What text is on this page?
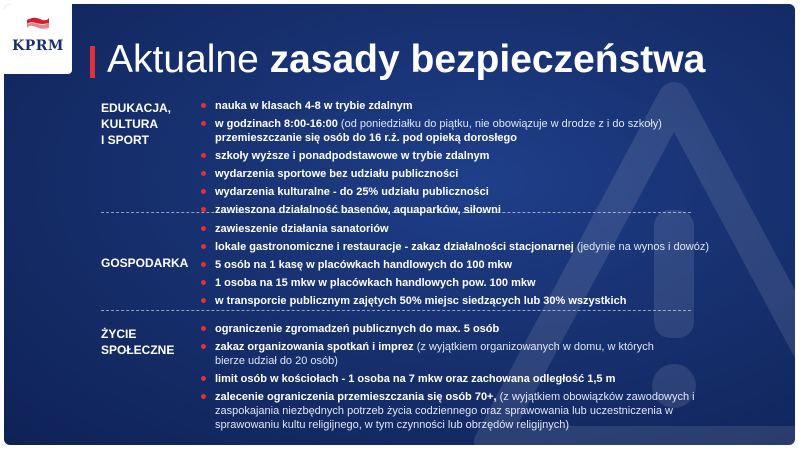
KPRM Aktualne zasady bezpieczeństwa
EDUKACJA,
KULTURA
I SPORT
nauka w klasach 4-8 w trybie zdalnym
w godzinach 8:00-16:00 (od poniedziałku do piątku, nie obowiązuje w drodze z i do szkoły) przemieszczanie się osób do 16 r.ż. pod opieką dorosłego
szkoły wyższe i ponadpodstawowe w trybie zdalnym
wydarzenia sportowe bez udziału publiczności
wydarzenia kulturalne - do 25% udziału publiczności
zawieszona działalność basenów, aquaparków, siłowni
GOSPODARKA
zawieszenie działania sanatoriów
lokale gastronomiczne i restauracje - zakaz działalności stacjonarnej (jedynie na wynos i dowóz)
5 osób na 1 kasę w placówkach handlowych do 100 mkw
1 osoba na 15 mkw w placówkach handlowych pow. 100 mkw
w transporcie publicznym zajętych 50% miejsc siedzących lub 30% wszystkich
ŻYCIE
SPOŁECZNE
ograniczenie zgromadzeń publicznych do max. 5 osób
zakaz organizowania spotkań i imprez (z wyjątkiem organizowanych w domu, w których bierze udział do 20 osób)
limit osób w kościołach - 1 osoba na 7 mkw oraz zachowana odległość 1,5 m
zalecenie ograniczenia przemieszczania się osób 70+, (z wyjątkiem obowiązków zawodowych i zaspokajania niezbędnych potrzeb życia codziennego oraz sprawowania lub uczestniczenia w sprawowaniu kultu religijnego, w tym czynności lub obrzędów religijnych)
